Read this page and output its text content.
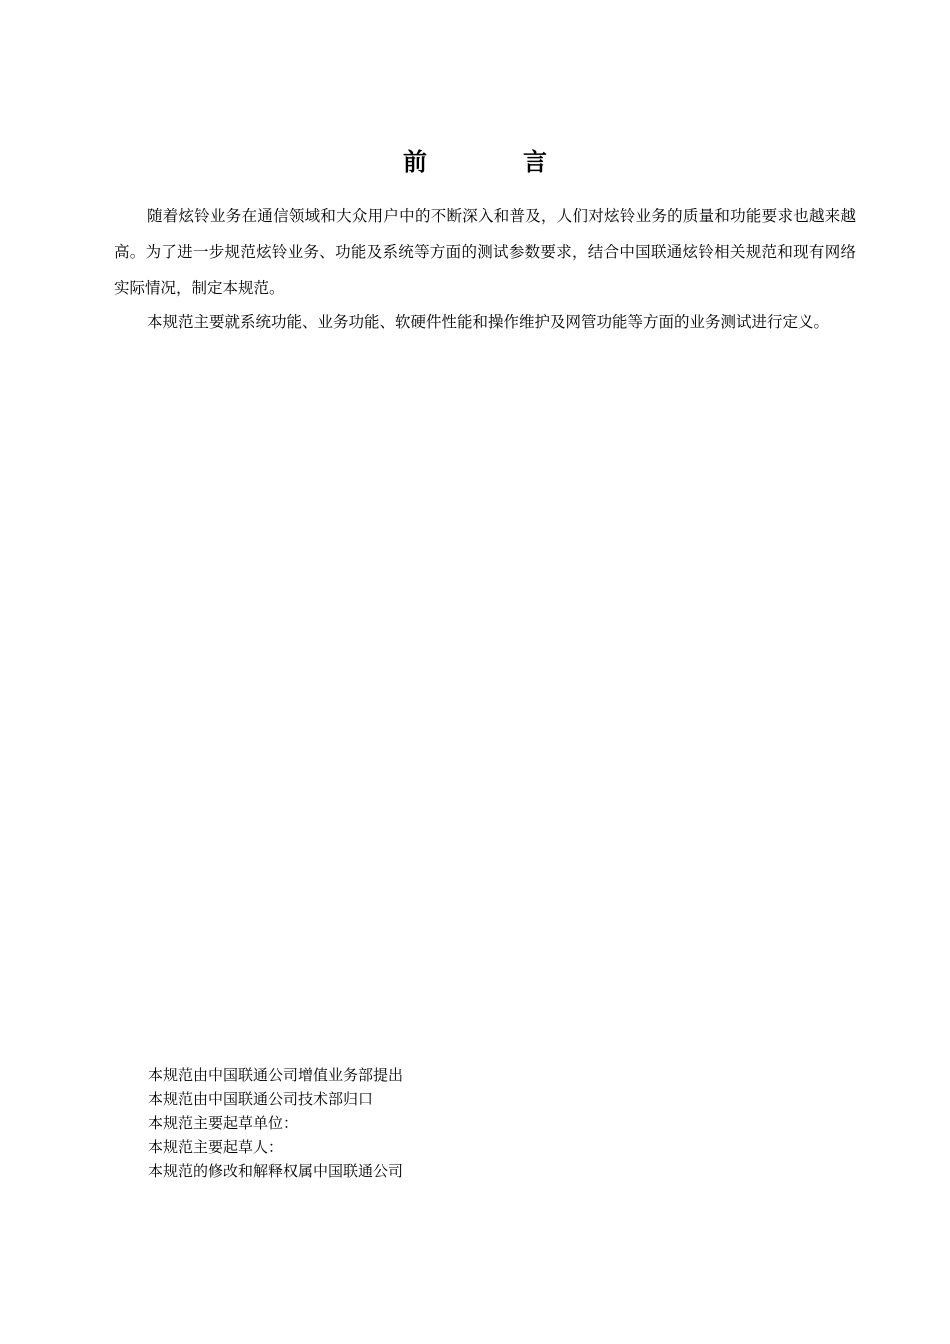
前　言

随着炫铃业务在通信领域和大众用户中的不断深入和普及，人们对炫铃业务的质量和功能要求也越来越高。为了进一步规范炫铃业务、功能及系统等方面的测试参数要求，结合中国联通炫铃相关规范和现有网络实际情况，制定本规范。

本规范主要就系统功能、业务功能、软硬件性能和操作维护及网管功能等方面的业务测试进行定义。

本规范由中国联通公司增值业务部提出
本规范由中国联通公司技术部归口
本规范主要起草单位：
本规范主要起草人：
本规范的修改和解释权属中国联通公司
